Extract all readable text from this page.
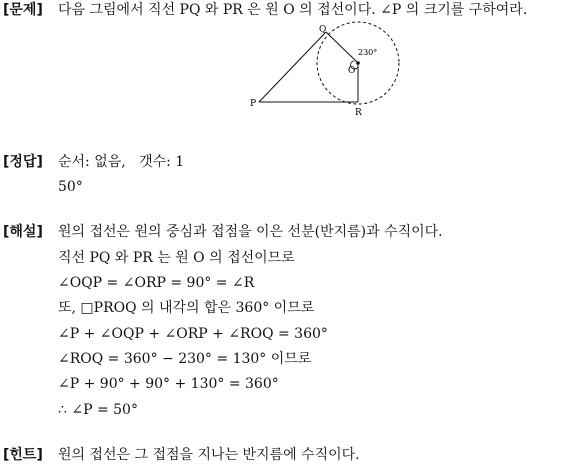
[문제] 다음 그림에서 직선 PQ 와 PR 은 원 O 의 접선이다. ∠P 의 크기를 구하여라.
Q
O
P
R
230°
[정답] 순서: 없음,   갯수: 1
50°
[해설] 원의 접선은 원의 중심과 접점을 이은 선분(반지름)과 수직이다.
직선 PQ 와 PR 는 원 O 의 접선이므로
∠OQP = ∠ORP = 90° = ∠R
또, □PROQ 의 내각의 합은 360° 이므로
∠P + ∠OQP + ∠ORP + ∠ROQ = 360°
∠ROQ = 360° − 230° = 130° 이므로
∠P + 90° + 90° + 130° = 360°
∴ ∠P = 50°
[힌트] 원의 접선은 그 접점을 지나는 반지름에 수직이다.
